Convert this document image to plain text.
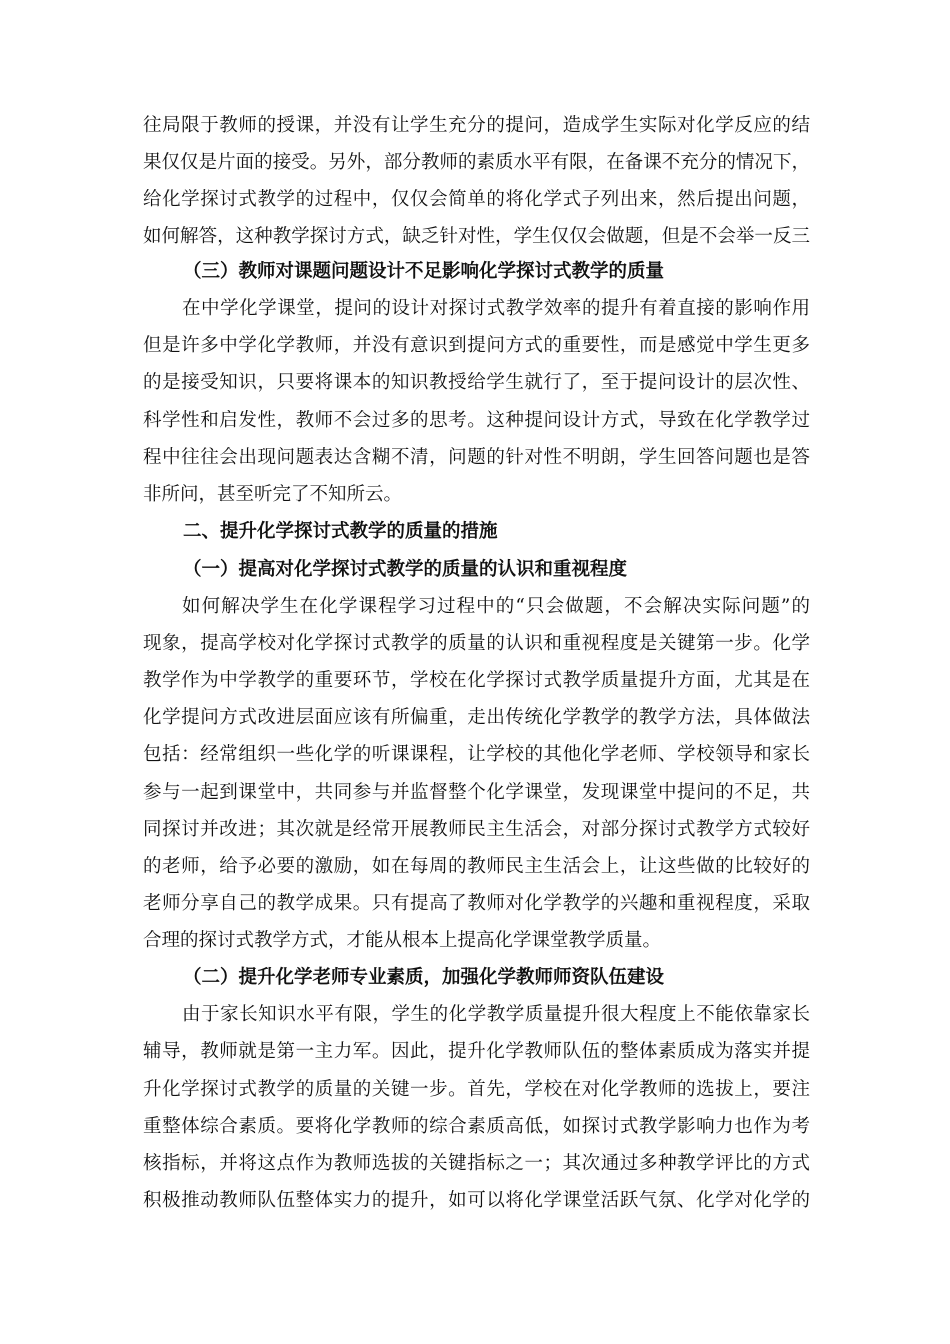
往局限于教师的授课，并没有让学生充分的提问，造成学生实际对化学反应的结
果仅仅是片面的接受。另外，部分教师的素质水平有限，在备课不充分的情况下，
给化学探讨式教学的过程中，仅仅会简单的将化学式子列出来，然后提出问题，
如何解答，这种教学探讨方式，缺乏针对性，学生仅仅会做题，但是不会举一反三
（三）教师对课题问题设计不足影响化学探讨式教学的质量
在中学化学课堂，提问的设计对探讨式教学效率的提升有着直接的影响作用
但是许多中学化学教师，并没有意识到提问方式的重要性，而是感觉中学生更多
的是接受知识，只要将课本的知识教授给学生就行了，至于提问设计的层次性、
科学性和启发性，教师不会过多的思考。这种提问设计方式，导致在化学教学过
程中往往会出现问题表达含糊不清，问题的针对性不明朗，学生回答问题也是答
非所问，甚至听完了不知所云。
二、提升化学探讨式教学的质量的措施
（一）提高对化学探讨式教学的质量的认识和重视程度
如何解决学生在化学课程学习过程中的“只会做题，不会解决实际问题”的
现象，提高学校对化学探讨式教学的质量的认识和重视程度是关键第一步。化学
教学作为中学教学的重要环节，学校在化学探讨式教学质量提升方面，尤其是在
化学提问方式改进层面应该有所偏重，走出传统化学教学的教学方法，具体做法
包括：经常组织一些化学的听课课程，让学校的其他化学老师、学校领导和家长
参与一起到课堂中，共同参与并监督整个化学课堂，发现课堂中提问的不足，共
同探讨并改进；其次就是经常开展教师民主生活会，对部分探讨式教学方式较好
的老师，给予必要的激励，如在每周的教师民主生活会上，让这些做的比较好的
老师分享自己的教学成果。只有提高了教师对化学教学的兴趣和重视程度，采取
合理的探讨式教学方式，才能从根本上提高化学课堂教学质量。
（二）提升化学老师专业素质，加强化学教师师资队伍建设
由于家长知识水平有限，学生的化学教学质量提升很大程度上不能依靠家长
辅导，教师就是第一主力军。因此，提升化学教师队伍的整体素质成为落实并提
升化学探讨式教学的质量的关键一步。首先，学校在对化学教师的选拔上，要注
重整体综合素质。要将化学教师的综合素质高低，如探讨式教学影响力也作为考
核指标，并将这点作为教师选拔的关键指标之一；其次通过多种教学评比的方式
积极推动教师队伍整体实力的提升，如可以将化学课堂活跃气氛、化学对化学的
